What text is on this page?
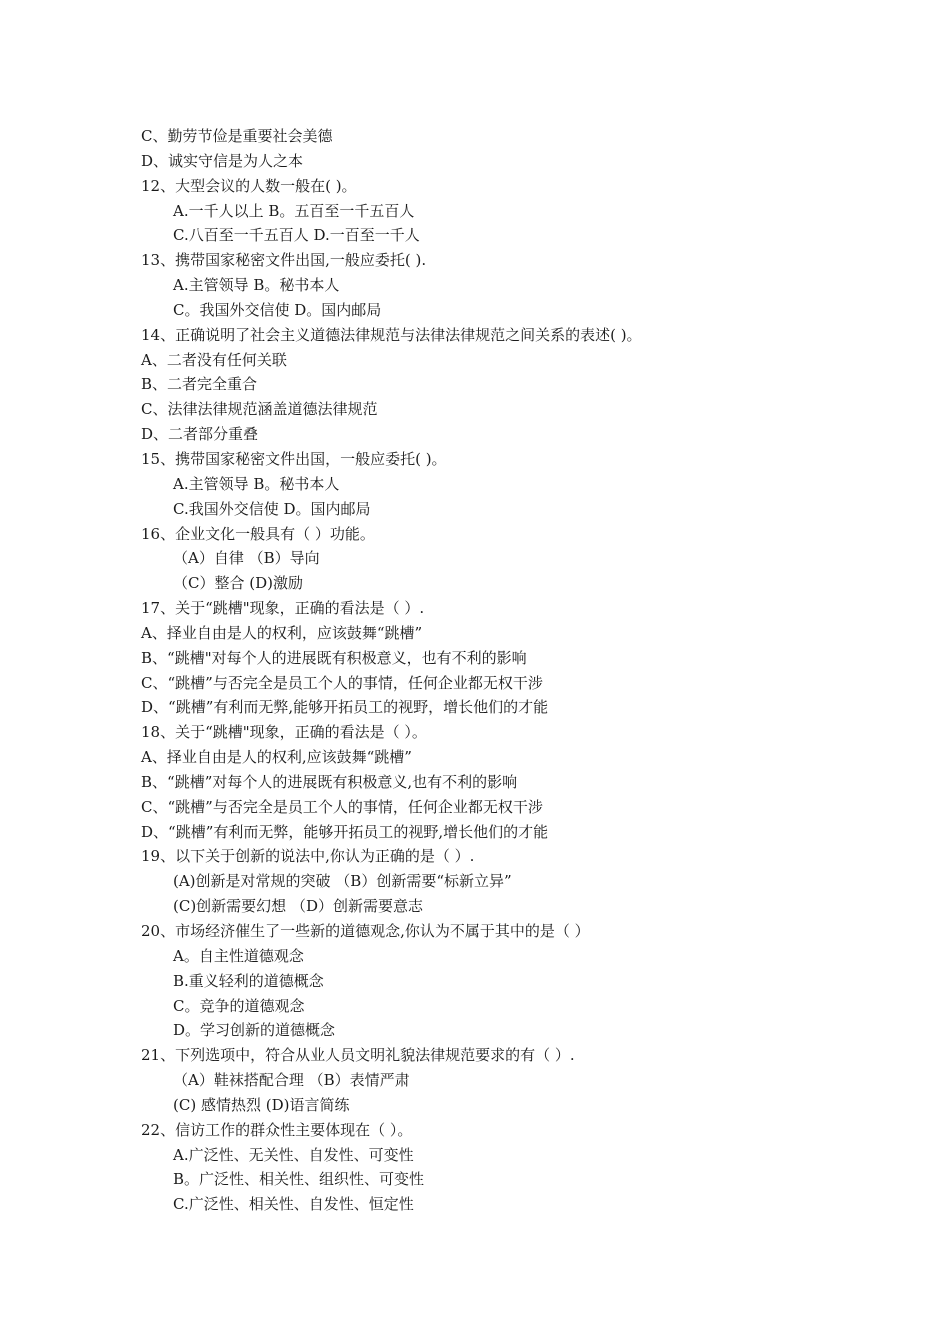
C、勤劳节俭是重要社会美德
D、诚实守信是为人之本
12、大型会议的人数一般在( )。
A.一千人以上 B。五百至一千五百人
C.八百至一千五百人 D.一百至一千人
13、携带国家秘密文件出国,一般应委托( ).
A.主管领导 B。秘书本人
C。我国外交信使 D。国内邮局
14、正确说明了社会主义道德法律规范与法律法律规范之间关系的表述( )。
A、二者没有任何关联
B、二者完全重合
C、法律法律规范涵盖道德法律规范
D、二者部分重叠
15、携带国家秘密文件出国，一般应委托( )。
A.主管领导 B。秘书本人
C.我国外交信使 D。国内邮局
16、企业文化一般具有（ ）功能。
（A）自律 （B）导向
（C）整合 (D)激励
17、关于“跳槽"现象，正确的看法是（ ）.
A、择业自由是人的权利，应该鼓舞“跳槽”
B、“跳槽"对每个人的进展既有积极意义，也有不利的影响
C、“跳槽”与否完全是员工个人的事情，任何企业都无权干涉
D、“跳槽”有利而无弊,能够开拓员工的视野，增长他们的才能
18、关于“跳槽"现象，正确的看法是（ ）。
A、择业自由是人的权利,应该鼓舞“跳槽”
B、“跳槽”对每个人的进展既有积极意义,也有不利的影响
C、“跳槽”与否完全是员工个人的事情，任何企业都无权干涉
D、“跳槽”有利而无弊，能够开拓员工的视野,增长他们的才能
19、以下关于创新的说法中,你认为正确的是（ ）.
(A)创新是对常规的突破 （B）创新需要“标新立异”
(C)创新需要幻想 （D）创新需要意志
20、市场经济催生了一些新的道德观念,你认为不属于其中的是（ ）
A。自主性道德观念
B.重义轻利的道德概念
C。竞争的道德观念
D。学习创新的道德概念
21、下列选项中，符合从业人员文明礼貌法律规范要求的有（ ）.
（A）鞋袜搭配合理 （B）表情严肃
(C) 感情热烈 (D)语言简练
22、信访工作的群众性主要体现在（ ）。
A.广泛性、无关性、自发性、可变性
B。广泛性、相关性、组织性、可变性
C.广泛性、相关性、自发性、恒定性
